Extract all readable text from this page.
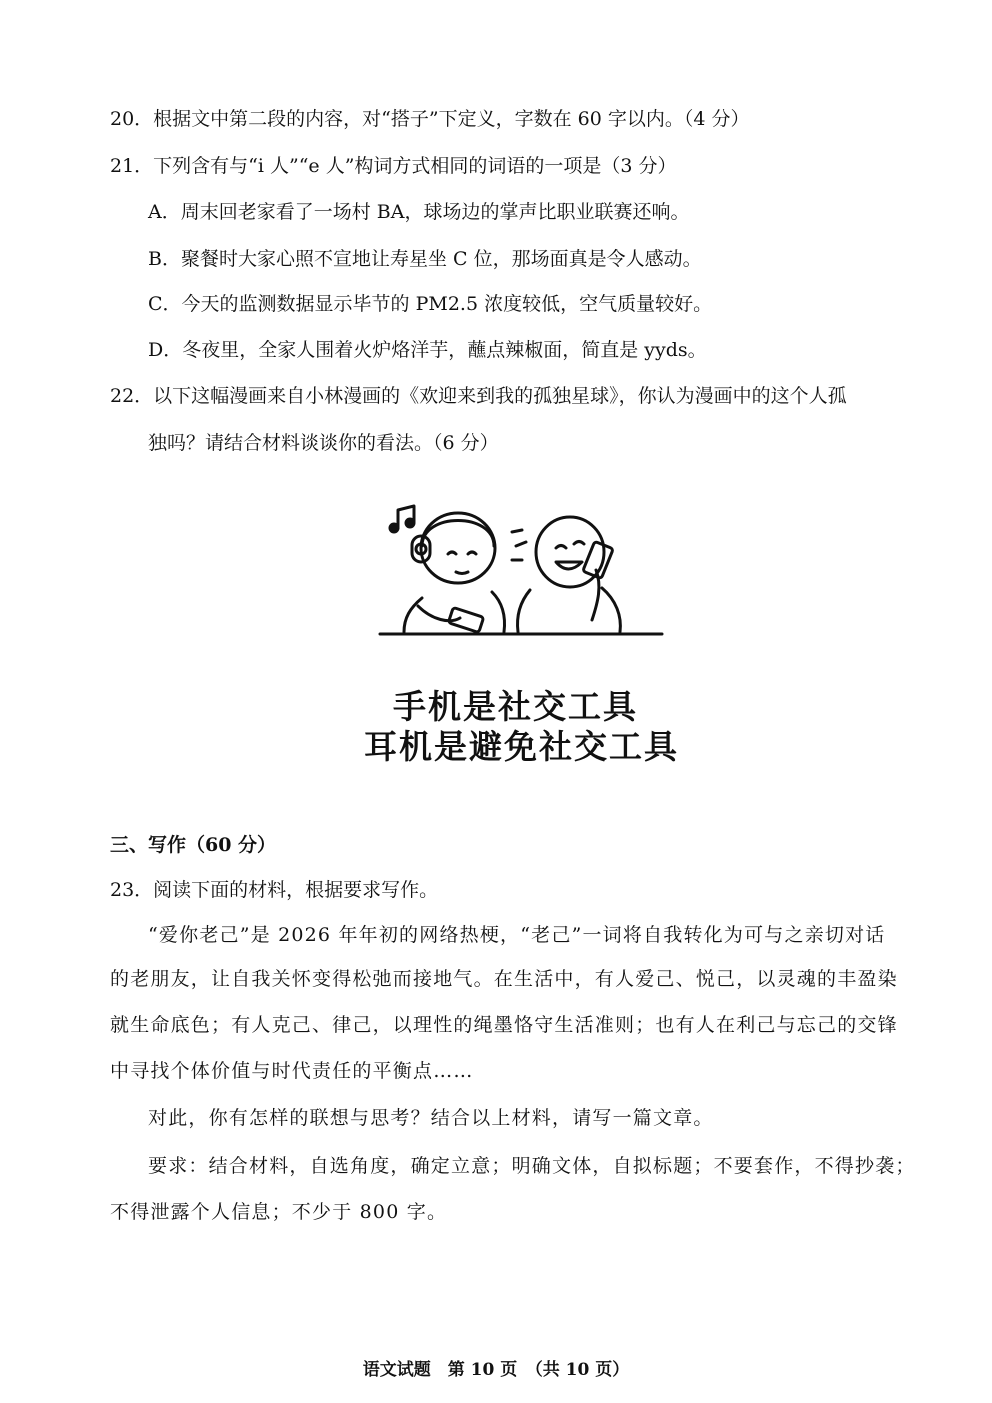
20．根据文中第二段的内容，对“搭子”下定义，字数在 60 字以内。（4 分）
21．下列含有与“i 人”“e 人”构词方式相同的词语的一项是（3 分）
A．周末回老家看了一场村 BA，球场边的掌声比职业联赛还响。
B．聚餐时大家心照不宣地让寿星坐 C 位，那场面真是令人感动。
C．今天的监测数据显示毕节的 PM2.5 浓度较低，空气质量较好。
D．冬夜里，全家人围着火炉烙洋芋，蘸点辣椒面，简直是 yyds。
22．以下这幅漫画来自小林漫画的《欢迎来到我的孤独星球》，你认为漫画中的这个人孤
独吗？请结合材料谈谈你的看法。（6 分）
手机是社交工具
耳机是避免社交工具
三、写作（60 分）
23．阅读下面的材料，根据要求写作。
“爱你老己”是 2026 年年初的网络热梗，“老己”一词将自我转化为可与之亲切对话
的老朋友，让自我关怀变得松弛而接地气。在生活中，有人爱己、悦己，以灵魂的丰盈染
就生命底色；有人克己、律己，以理性的绳墨恪守生活准则；也有人在利己与忘己的交锋
中寻找个体价值与时代责任的平衡点……
对此，你有怎样的联想与思考？结合以上材料，请写一篇文章。
要求：结合材料，自选角度，确定立意；明确文体，自拟标题；不要套作，不得抄袭；
不得泄露个人信息；不少于 800 字。
语文试题　第 10 页　（共 10 页）
